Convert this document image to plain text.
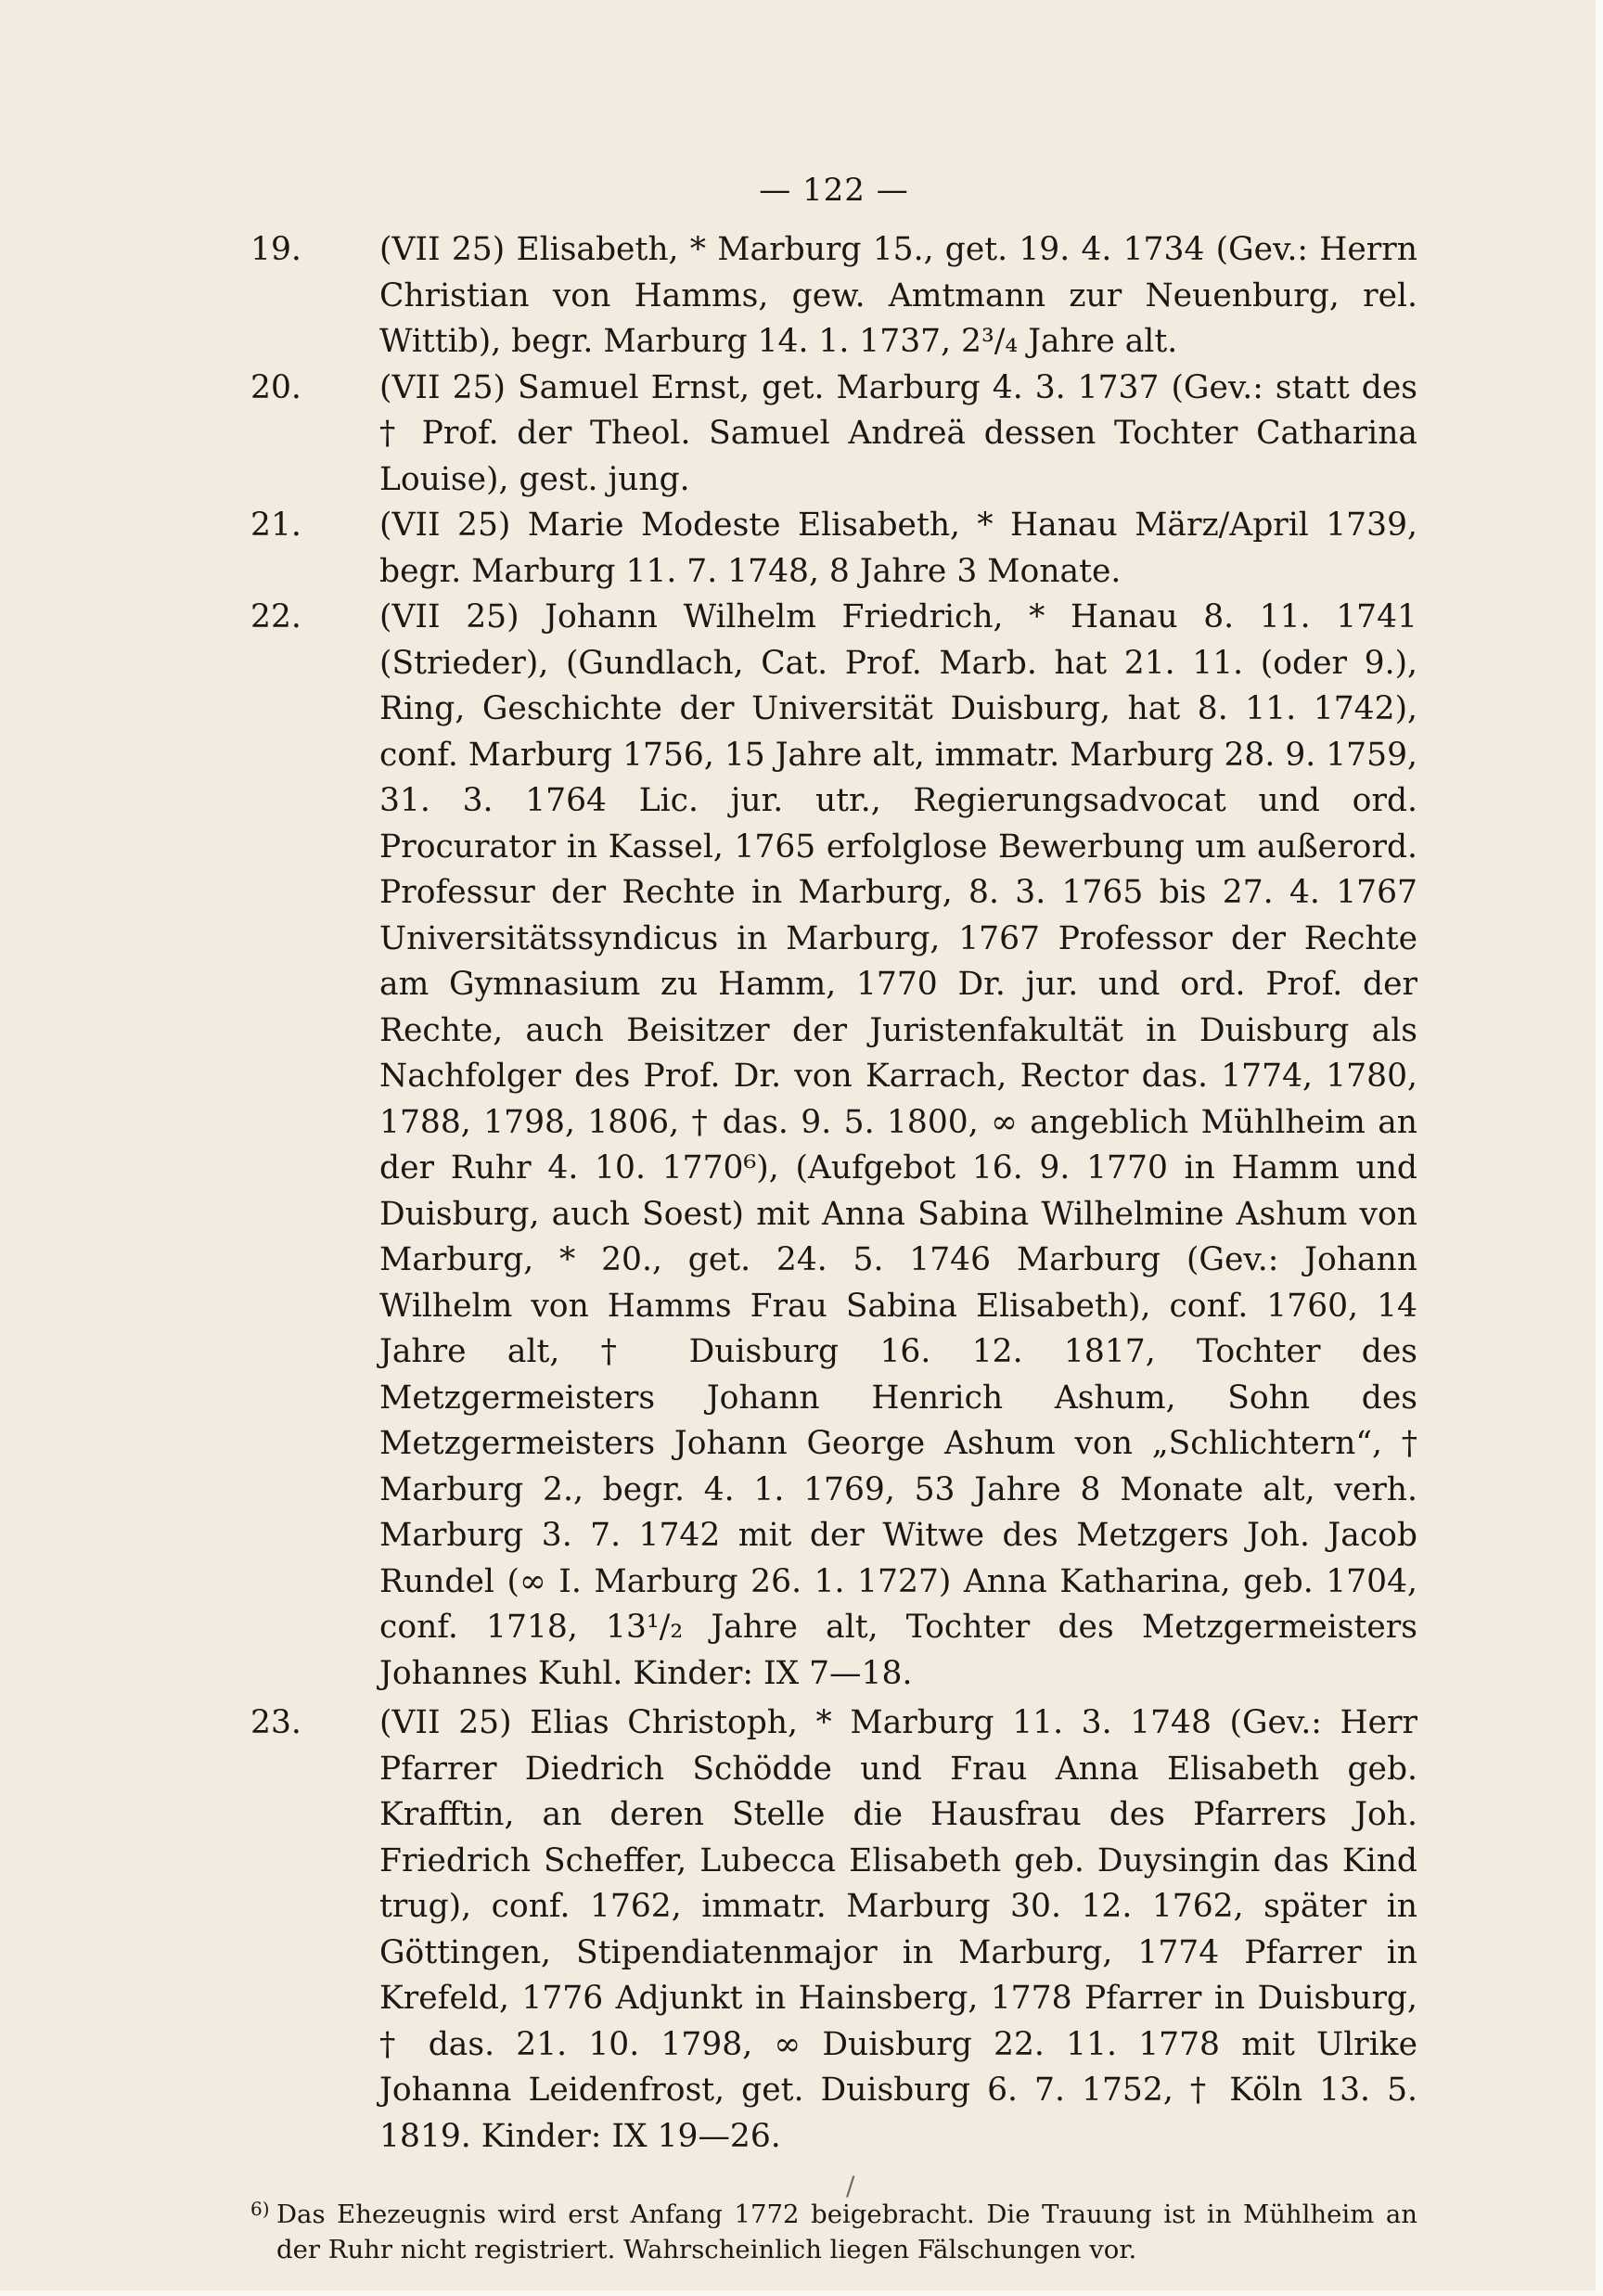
— 122 —
19. (VII 25) Elisabeth, * Marburg 15., get. 19. 4. 1734 (Gev.: Herrn Christian von Hamms, gew. Amtmann zur Neuenburg, rel. Wittib), begr. Marburg 14. 1. 1737, 2³/₄ Jahre alt.
20. (VII 25) Samuel Ernst, get. Marburg 4. 3. 1737 (Gev.: statt des † Prof. der Theol. Samuel Andreä dessen Tochter Catharina Louise), gest. jung.
21. (VII 25) Marie Modeste Elisabeth, * Hanau März/April 1739, begr. Marburg 11. 7. 1748, 8 Jahre 3 Monate.
22. (VII 25) Johann Wilhelm Friedrich, * Hanau 8. 11. 1741 (Strieder), (Gundlach, Cat. Prof. Marb. hat 21. 11. (oder 9.), Ring, Geschichte der Universität Duisburg, hat 8. 11. 1742), conf. Marburg 1756, 15 Jahre alt, immatr. Marburg 28. 9. 1759, 31. 3. 1764 Lic. jur. utr., Regierungsadvocat und ord. Procurator in Kassel, 1765 erfolglose Bewerbung um außerord. Professur der Rechte in Marburg, 8. 3. 1765 bis 27. 4. 1767 Universitätssyndicus in Marburg, 1767 Professor der Rechte am Gymnasium zu Hamm, 1770 Dr. jur. und ord. Prof. der Rechte, auch Beisitzer der Juristenfakultät in Duisburg als Nachfolger des Prof. Dr. von Karrach, Rector das. 1774, 1780, 1788, 1798, 1806, † das. 9. 5. 1800, ∞ angeblich Mühlheim an der Ruhr 4. 10. 1770⁶), (Aufgebot 16. 9. 1770 in Hamm und Duisburg, auch Soest) mit Anna Sabina Wilhelmine Ashum von Marburg, * 20., get. 24. 5. 1746 Marburg (Gev.: Johann Wilhelm von Hamms Frau Sabina Elisabeth), conf. 1760, 14 Jahre alt, † Duisburg 16. 12. 1817, Tochter des Metzgermeisters Johann Henrich Ashum, Sohn des Metzgermeisters Johann George Ashum von „Schlichtern“, † Marburg 2., begr. 4. 1. 1769, 53 Jahre 8 Monate alt, verh. Marburg 3. 7. 1742 mit der Witwe des Metzgers Joh. Jacob Rundel (∞ I. Marburg 26. 1. 1727) Anna Katharina, geb. 1704, conf. 1718, 13¹/₂ Jahre alt, Tochter des Metzgermeisters Johannes Kuhl. Kinder: IX 7—18.
23. (VII 25) Elias Christoph, * Marburg 11. 3. 1748 (Gev.: Herr Pfarrer Diedrich Schödde und Frau Anna Elisabeth geb. Krafftin, an deren Stelle die Hausfrau des Pfarrers Joh. Friedrich Scheffer, Lubecca Elisabeth geb. Duysingin das Kind trug), conf. 1762, immatr. Marburg 30. 12. 1762, später in Göttingen, Stipendiatenmajor in Marburg, 1774 Pfarrer in Krefeld, 1776 Adjunkt in Hainsberg, 1778 Pfarrer in Duisburg, † das. 21. 10. 1798, ∞ Duisburg 22. 11. 1778 mit Ulrike Johanna Leidenfrost, get. Duisburg 6. 7. 1752, † Köln 13. 5. 1819. Kinder: IX 19—26.
6) Das Ehezeugnis wird erst Anfang 1772 beigebracht. Die Trauung ist in Mühlheim an der Ruhr nicht registriert. Wahrscheinlich liegen Fälschungen vor.
/
